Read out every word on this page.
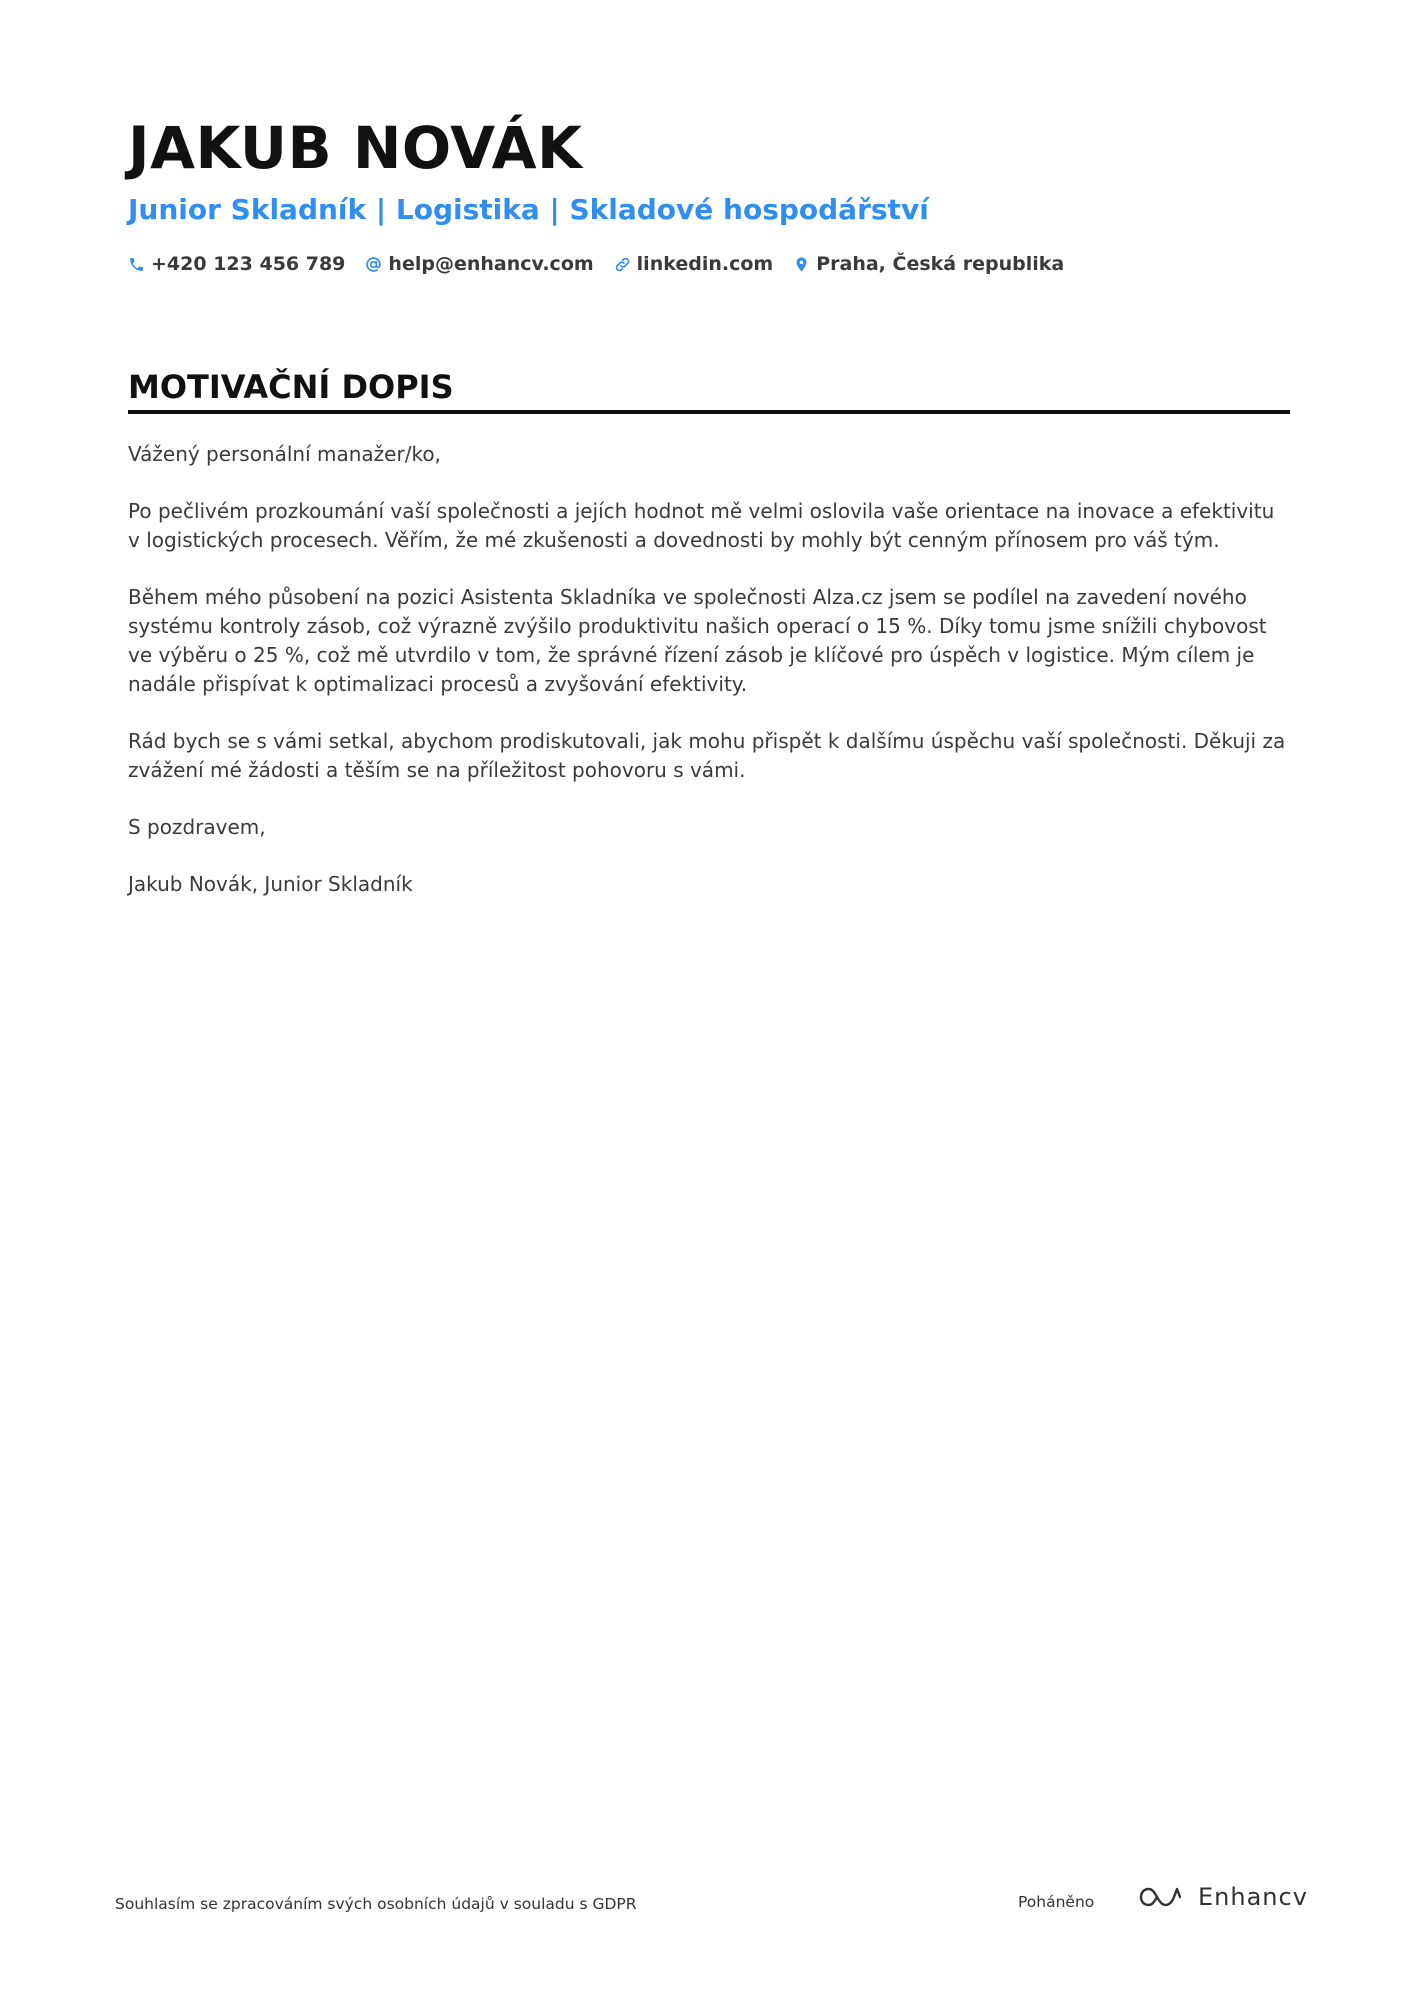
JAKUB NOVÁK
Junior Skladník | Logistika | Skladové hospodářství
+420 123 456 789 help@enhancv.com linkedin.com Praha, Česká republika
MOTIVAČNÍ DOPIS

Vážený personální manažer/ko,

Po pečlivém prozkoumání vaší společnosti a jejích hodnot mě velmi oslovila vaše orientace na inovace a efektivitu v logistických procesech. Věřím, že mé zkušenosti a dovednosti by mohly být cenným přínosem pro váš tým.

Během mého působení na pozici Asistenta Skladníka ve společnosti Alza.cz jsem se podílel na zavedení nového systému kontroly zásob, což výrazně zvýšilo produktivitu našich operací o 15 %. Díky tomu jsme snížili chybovost ve výběru o 25 %, což mě utvrdilo v tom, že správné řízení zásob je klíčové pro úspěch v logistice. Mým cílem je nadále přispívat k optimalizaci procesů a zvyšování efektivity.

Rád bych se s vámi setkal, abychom prodiskutovali, jak mohu přispět k dalšímu úspěchu vaší společnosti. Děkuji za zvážení mé žádosti a těším se na příležitost pohovoru s vámi.

S pozdravem,

Jakub Novák, Junior Skladník

Souhlasím se zpracováním svých osobních údajů v souladu s GDPR	Poháněno	Enhancv
